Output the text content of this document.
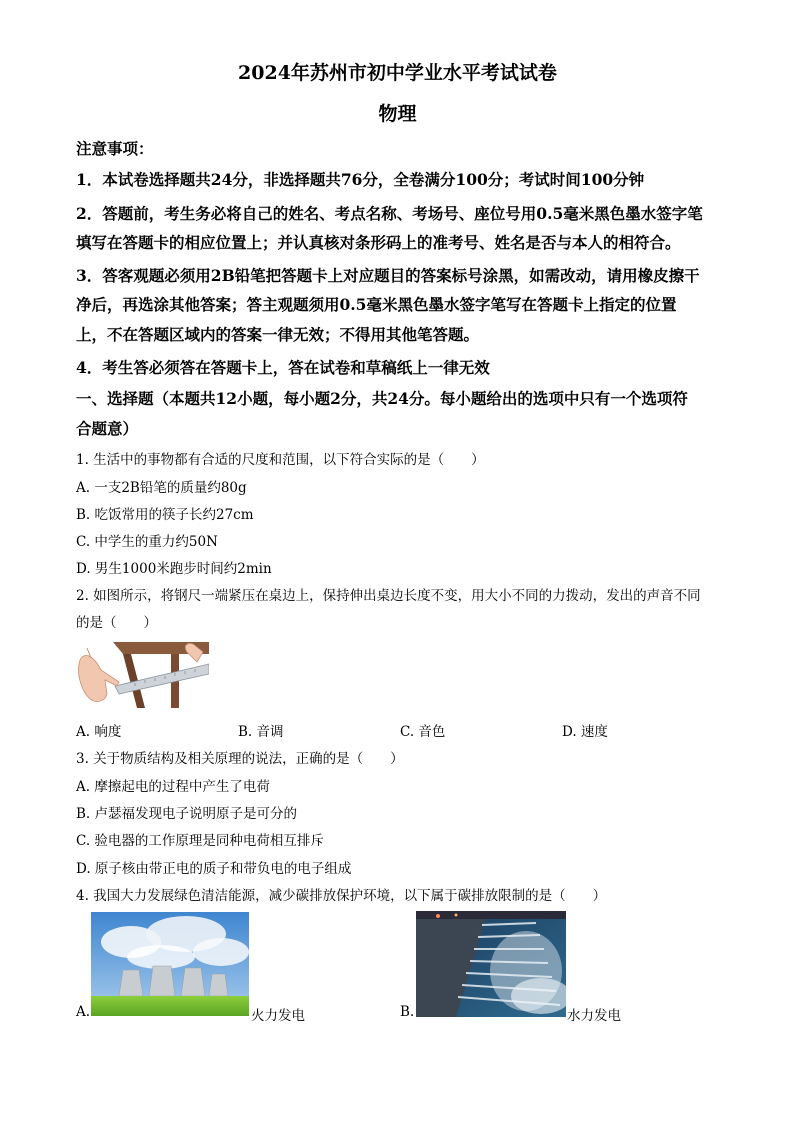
2024年苏州市初中学业水平考试试卷
物理
注意事项：
1．本试卷选择题共24分，非选择题共76分，全卷满分100分；考试时间100分钟
2．答题前，考生务必将自己的姓名、考点名称、考场号、座位号用0.5毫米黑色墨水签字笔
填写在答题卡的相应位置上；并认真核对条形码上的准考号、姓名是否与本人的相符合。
3．答客观题必须用2B铅笔把答题卡上对应题目的答案标号涂黑，如需改动，请用橡皮擦干
净后，再选涂其他答案；答主观题须用0.5毫米黑色墨水签字笔写在答题卡上指定的位置
上，不在答题区域内的答案一律无效；不得用其他笔答题。
4．考生答必须答在答题卡上，答在试卷和草稿纸上一律无效
一、选择题（本题共12小题，每小题2分，共24分。每小题给出的选项中只有一个选项符
合题意）
1. 生活中的事物都有合适的尺度和范围，以下符合实际的是（　　）
A. 一支2B铅笔的质量约80g
B. 吃饭常用的筷子长约27cm
C. 中学生的重力约50N
D. 男生1000米跑步时间约2min
2. 如图所示，将钢尺一端紧压在桌边上，保持伸出桌边长度不变，用大小不同的力拨动，发出的声音不同
的是（　　）
A. 响度	B. 音调	C. 音色	D. 速度
3. 关于物质结构及相关原理的说法，正确的是（　　）
A. 摩擦起电的过程中产生了电荷
B. 卢瑟福发现电子说明原子是可分的
C. 验电器的工作原理是同种电荷相互排斥
D. 原子核由带正电的质子和带负电的电子组成
4. 我国大力发展绿色清洁能源，减少碳排放保护环境，以下属于碳排放限制的是（　　）
A.	火力发电	B.	水力发电
